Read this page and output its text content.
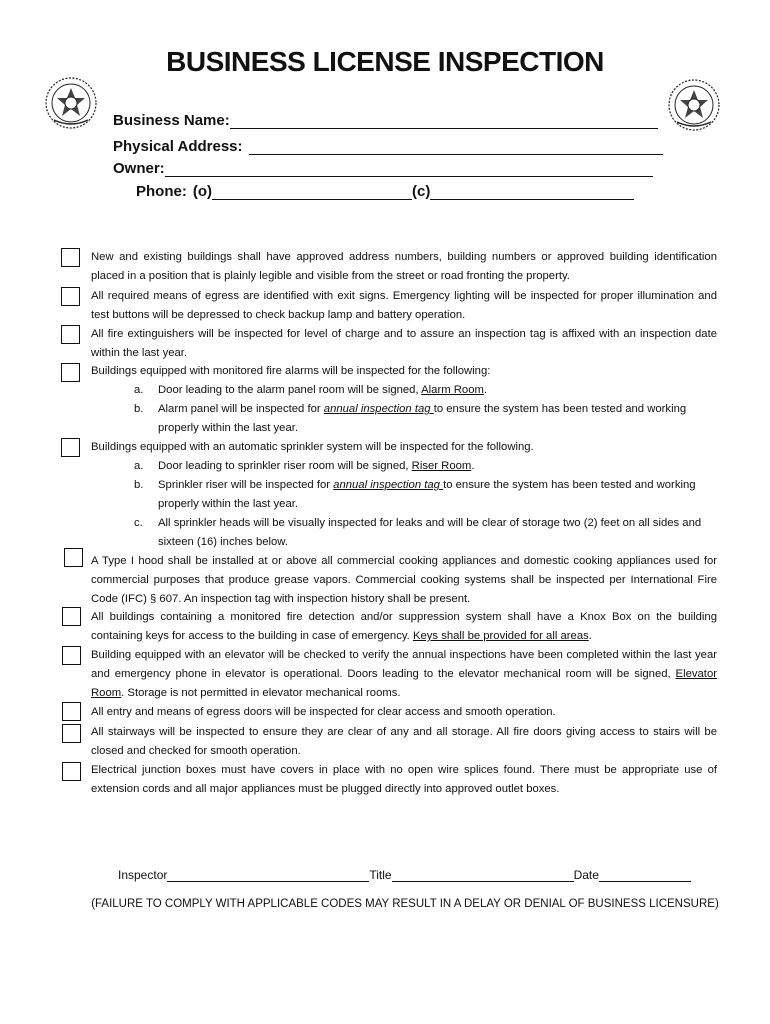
BUSINESS LICENSE INSPECTION
Business Name:
Physical Address:
Owner:
Phone: (o)	(c)
New and existing buildings shall have approved address numbers, building numbers or approved building identification placed in a position that is plainly legible and visible from the street or road fronting the property.
All required means of egress are identified with exit signs. Emergency lighting will be inspected for proper illumination and test buttons will be depressed to check backup lamp and battery operation.
All fire extinguishers will be inspected for level of charge and to assure an inspection tag is affixed with an inspection date within the last year.
Buildings equipped with monitored fire alarms will be inspected for the following:
a. Door leading to the alarm panel room will be signed, Alarm Room.
b. Alarm panel will be inspected for annual inspection tag to ensure the system has been tested and working properly within the last year.
Buildings equipped with an automatic sprinkler system will be inspected for the following.
a. Door leading to sprinkler riser room will be signed, Riser Room.
b. Sprinkler riser will be inspected for annual inspection tag to ensure the system has been tested and working properly within the last year.
c. All sprinkler heads will be visually inspected for leaks and will be clear of storage two (2) feet on all sides and sixteen (16) inches below.
A Type I hood shall be installed at or above all commercial cooking appliances and domestic cooking appliances used for commercial purposes that produce grease vapors. Commercial cooking systems shall be inspected per International Fire Code (IFC) § 607. An inspection tag with inspection history shall be present.
All buildings containing a monitored fire detection and/or suppression system shall have a Knox Box on the building containing keys for access to the building in case of emergency. Keys shall be provided for all areas.
Building equipped with an elevator will be checked to verify the annual inspections have been completed within the last year and emergency phone in elevator is operational. Doors leading to the elevator mechanical room will be signed, Elevator Room. Storage is not permitted in elevator mechanical rooms.
All entry and means of egress doors will be inspected for clear access and smooth operation.
All stairways will be inspected to ensure they are clear of any and all storage. All fire doors giving access to stairs will be closed and checked for smooth operation.
Electrical junction boxes must have covers in place with no open wire splices found. There must be appropriate use of extension cords and all major appliances must be plugged directly into approved outlet boxes.
Inspector	Title	Date
(FAILURE TO COMPLY WITH APPLICABLE CODES MAY RESULT IN A DELAY OR DENIAL OF BUSINESS LICENSURE)
